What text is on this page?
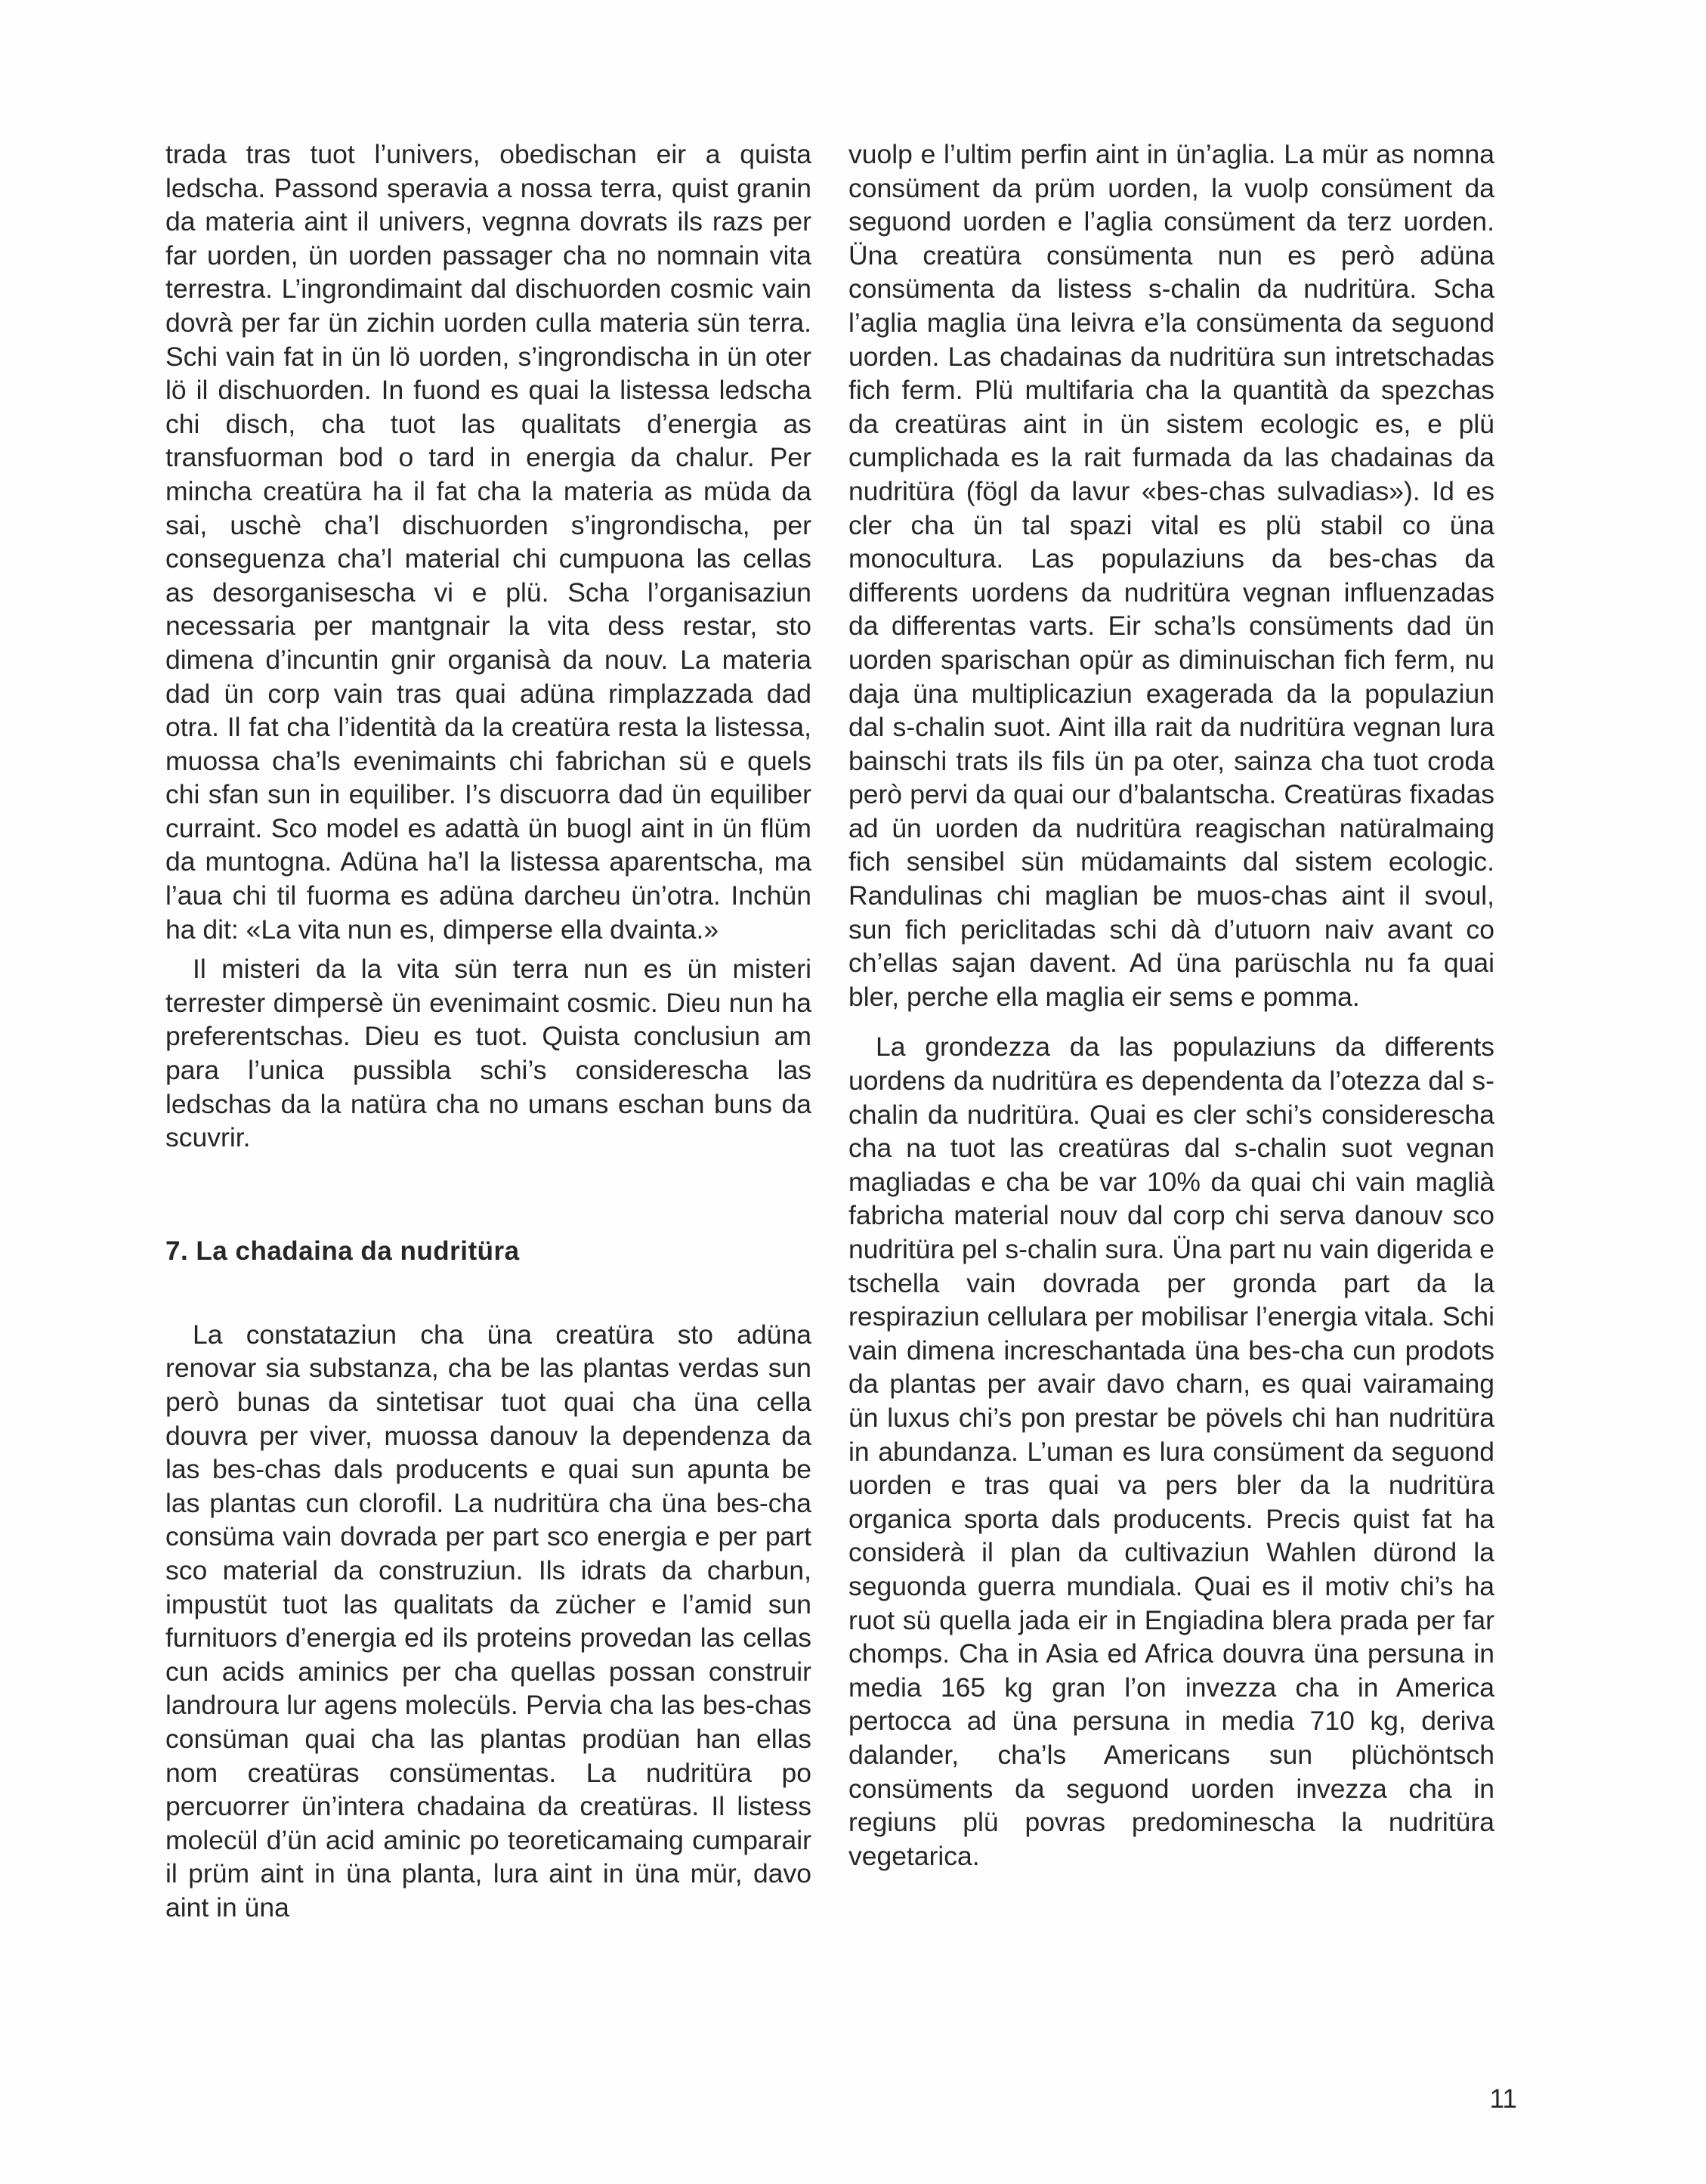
trada tras tuot l’univers, obedischan eir a quista ledscha. Passond speravia a nossa terra, quist granin da materia aint il univers, vegnna dovrats ils razs per far uorden, ün uorden passager cha no nomnain vita terrestra. L’ingrondimaint dal dischuorden cosmic vain dovrà per far ün zichin uorden culla materia sün terra. Schi vain fat in ün lö uorden, s’ingrondischa in ün oter lö il dischuorden. In fuond es quai la listessa ledscha chi disch, cha tuot las qualitats d’energia as transfuorman bod o tard in energia da chalur. Per mincha creatüra ha il fat cha la materia as müda da sai, uschè cha’l dischuorden s’ingrondischa, per conseguenza cha’l material chi cumpuona las cellas as desorganisescha vi e plü. Scha l’organisaziun necessaria per mantgnair la vita dess restar, sto dimena d’incuntin gnir organisà da nouv. La materia dad ün corp vain tras quai adüna rimplazzada dad otra. Il fat cha l’identità da la creatüra resta la listessa, muossa cha’ls evenimaints chi fabrichan sü e quels chi sfan sun in equiliber. I’s discuorra dad ün equiliber curraint. Sco model es adattà ün buogl aint in ün flüm da muntogna. Adüna ha’l la listessa aparentscha, ma l’aua chi til fuorma es adüna darcheu ün’otra. Inchün ha dit: «La vita nun es, dimperse ella dvainta.»

Il misteri da la vita sün terra nun es ün misteri terrester dimpersè ün evenimaint cosmic. Dieu nun ha preferentschas. Dieu es tuot. Quista conclusiun am para l’unica pussibla schi’s considerescha las ledschas da la natüra cha no umans eschan buns da scuvrir.

7. La chadaina da nudritüra

La constataziun cha üna creatüra sto adüna renovar sia substanza, cha be las plantas verdas sun però bunas da sintetisar tuot quai cha üna cella douvra per viver, muossa danouv la dependenza da las bes-chas dals producents e quai sun apunta be las plantas cun clorofil. La nudritüra cha üna bes-cha consüma vain dovrada per part sco energia e per part sco material da construziun. Ils idrats da charbun, impustüt tuot las qualitats da zücher e l’amid sun furnituors d’energia ed ils proteins provedan las cellas cun acids aminics per cha quellas possan construir landroura lur agens molecüls. Pervia cha las bes-chas consüman quai cha las plantas prodüan han ellas nom creatüras consümentas. La nudritüra po percuorrer ün’intera chadaina da creatüras. Il listess molecül d’ün acid aminic po teoreticamaing cumparair il prüm aint in üna planta, lura aint in üna mür, davo aint in üna

vuolp e l’ultim perfin aint in ün’aglia. La mür as nomna consüment da prüm uorden, la vuolp consüment da seguond uorden e l’aglia consüment da terz uorden. Üna creatüra consümenta nun es però adüna consümenta da listess s-chalin da nudritüra. Scha l’aglia maglia üna leivra e’la consümenta da seguond uorden. Las chadainas da nudritüra sun intretschadas fich ferm. Plü multifaria cha la quantità da spezchas da creatüras aint in ün sistem ecologic es, e plü cumplichada es la rait furmada da las chadainas da nudritüra (fögl da lavur «bes-chas sulvadias»). Id es cler cha ün tal spazi vital es plü stabil co üna monocultura. Las populaziuns da bes-chas da differents uordens da nudritüra vegnan influenzadas da differentas varts. Eir scha’ls consüments dad ün uorden sparischan opür as diminuischan fich ferm, nu daja üna multiplicaziun exagerada da la populaziun dal s-chalin suot. Aint illa rait da nudritüra vegnan lura bainschi trats ils fils ün pa oter, sainza cha tuot croda però pervi da quai our d’balantscha. Creatüras fixadas ad ün uorden da nudritüra reagischan natüralmaing fich sensibel sün müdamaints dal sistem ecologic. Randulinas chi maglian be muos-chas aint il svoul, sun fich periclitadas schi dà d’utuorn naiv avant co ch’ellas sajan davent. Ad üna parüschla nu fa quai bler, perche ella maglia eir sems e pomma.

La grondezza da las populaziuns da differents uordens da nudritüra es dependenta da l’otezza dal s-chalin da nudritüra. Quai es cler schi’s considerescha cha na tuot las creatüras dal s-chalin suot vegnan magliadas e cha be var 10% da quai chi vain maglià fabricha material nouv dal corp chi serva danouv sco nudritüra pel s-chalin sura. Üna part nu vain digerida e tschella vain dovrada per gronda part da la respiraziun cellulara per mobilisar l’energia vitala. Schi vain dimena increschantada üna bes-cha cun prodots da plantas per avair davo charn, es quai vairamaing ün luxus chi’s pon prestar be pövels chi han nudritüra in abundanza. L’uman es lura consüment da seguond uorden e tras quai va pers bler da la nudritüra organica sporta dals producents. Precis quist fat ha considerà il plan da cultivaziun Wahlen dürond la seguonda guerra mundiala. Quai es il motiv chi’s ha ruot sü quella jada eir in Engiadina blera prada per far chomps. Cha in Asia ed Africa douvra üna persuna in media 165 kg gran l’on invezza cha in America pertocca ad üna persuna in media 710 kg, deriva dalander, cha’ls Americans sun plüchöntsch consüments da seguond uorden invezza cha in regiuns plü povras predominescha la nudritüra vegetarica.

11
